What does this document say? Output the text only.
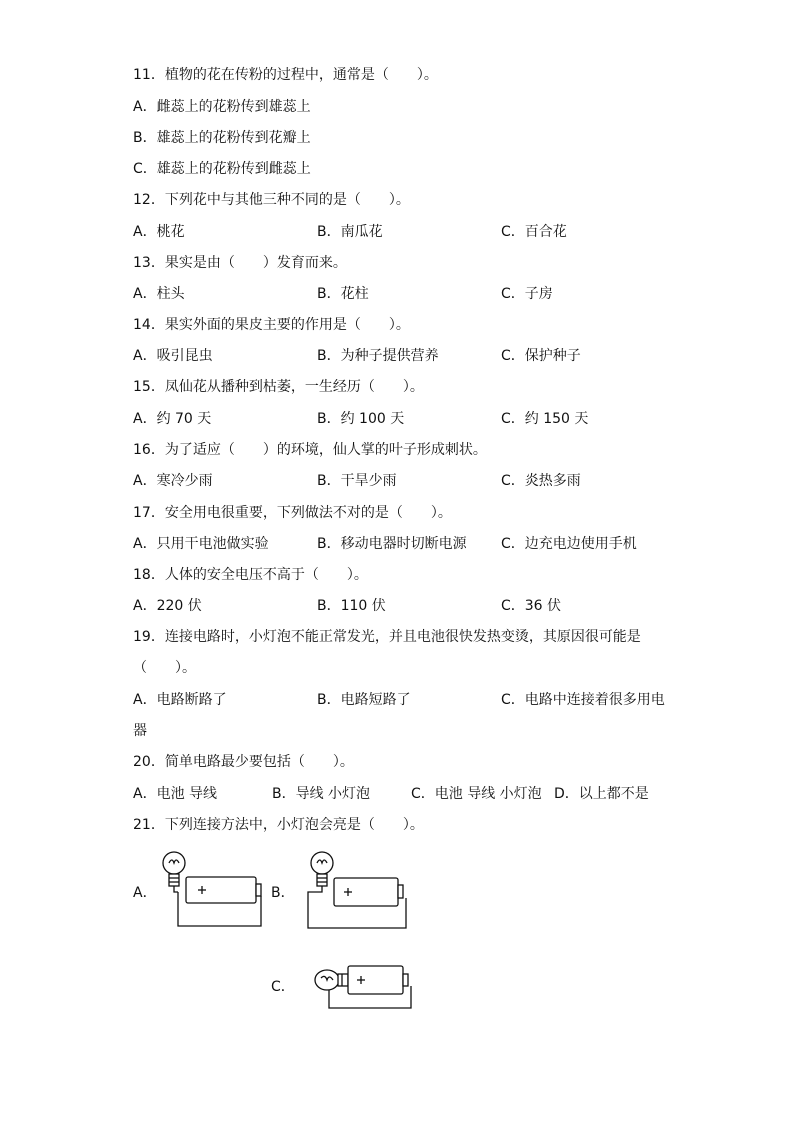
11．植物的花在传粉的过程中，通常是（　　）。
A．雌蕊上的花粉传到雄蕊上
B．雄蕊上的花粉传到花瓣上
C．雄蕊上的花粉传到雌蕊上
12．下列花中与其他三种不同的是（　　）。
A．桃花	B．南瓜花	C．百合花
13．果实是由（　　）发育而来。
A．柱头	B．花柱	C．子房
14．果实外面的果皮主要的作用是（　　）。
A．吸引昆虫	B．为种子提供营养	C．保护种子
15．凤仙花从播种到枯萎，一生经历（　　）。
A．约 70 天	B．约 100 天	C．约 150 天
16．为了适应（　　）的环境，仙人掌的叶子形成刺状。
A．寒冷少雨	B．干旱少雨	C．炎热多雨
17．安全用电很重要，下列做法不对的是（　　）。
A．只用干电池做实验	B．移动电器时切断电源 C．边充电边使用手机
18．人体的安全电压不高于（　　）。
A．220 伏	B．110 伏	C．36 伏
19．连接电路时，小灯泡不能正常发光，并且电池很快发热变烫，其原因很可能是
（　　）。
A．电路断路了	B．电路短路了	C．电路中连接着很多用电
器
20．简单电路最少要包括（　　）。
A．电池 导线	B．导线 小灯泡	C．电池 导线 小灯泡 D．以上都不是
21．下列连接方法中，小灯泡会亮是（　　）。
A．	B．
C．
